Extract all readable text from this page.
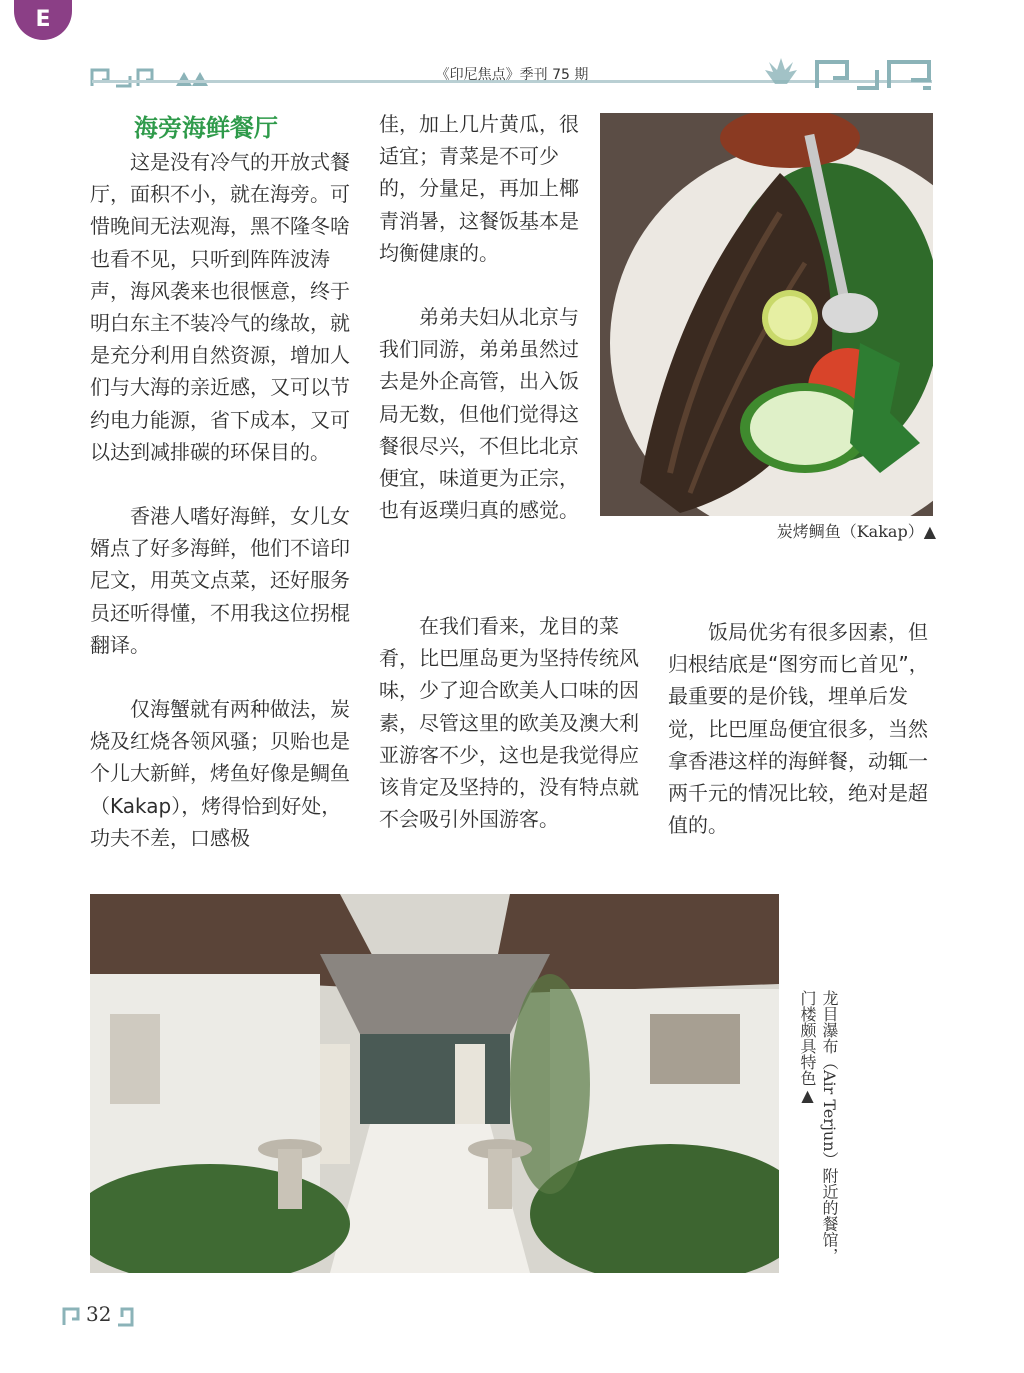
E
《印尼焦点》季刊 75 期
海旁海鲜餐厅

这是没有冷气的开放式餐厅，面积不小，就在海旁。可惜晚间无法观海，黑不隆冬啥也看不见，只听到阵阵波涛声，海风袭来也很惬意，终于明白东主不装冷气的缘故，就是充分利用自然资源，增加人们与大海的亲近感，又可以节约电力能源，省下成本，又可以达到减排碳的环保目的。

香港人嗜好海鲜，女儿女婿点了好多海鲜，他们不谙印尼文，用英文点菜，还好服务员还听得懂，不用我这位拐棍翻译。

仅海蟹就有两种做法，炭烧及红烧各领风骚；贝贻也是个儿大新鲜，烤鱼好像是鲷鱼（Kakap），烤得恰到好处，功夫不差，口感极

佳，加上几片黄瓜，很适宜；青菜是不可少的，分量足，再加上椰青消暑，这餐饭基本是均衡健康的。

弟弟夫妇从北京与我们同游，弟弟虽然过去是外企高管，出入饭局无数，但他们觉得这餐很尽兴，不但比北京便宜，味道更为正宗，也有返璞归真的感觉。

在我们看来，龙目的菜肴，比巴厘岛更为坚持传统风味，少了迎合欧美人口味的因素，尽管这里的欧美及澳大利亚游客不少，这也是我觉得应该肯定及坚持的，没有特点就不会吸引外国游客。

饭局优劣有很多因素，但归根结底是“图穷而匕首见”，最重要的是价钱，埋单后发觉，比巴厘岛便宜很多，当然拿香港这样的海鲜餐，动辄一两千元的情况比较，绝对是超值的。

炭烤鲷鱼（Kakap）▲
龙目瀑布（Air Terjun）附近的餐馆，门楼颇具特色▲
32
